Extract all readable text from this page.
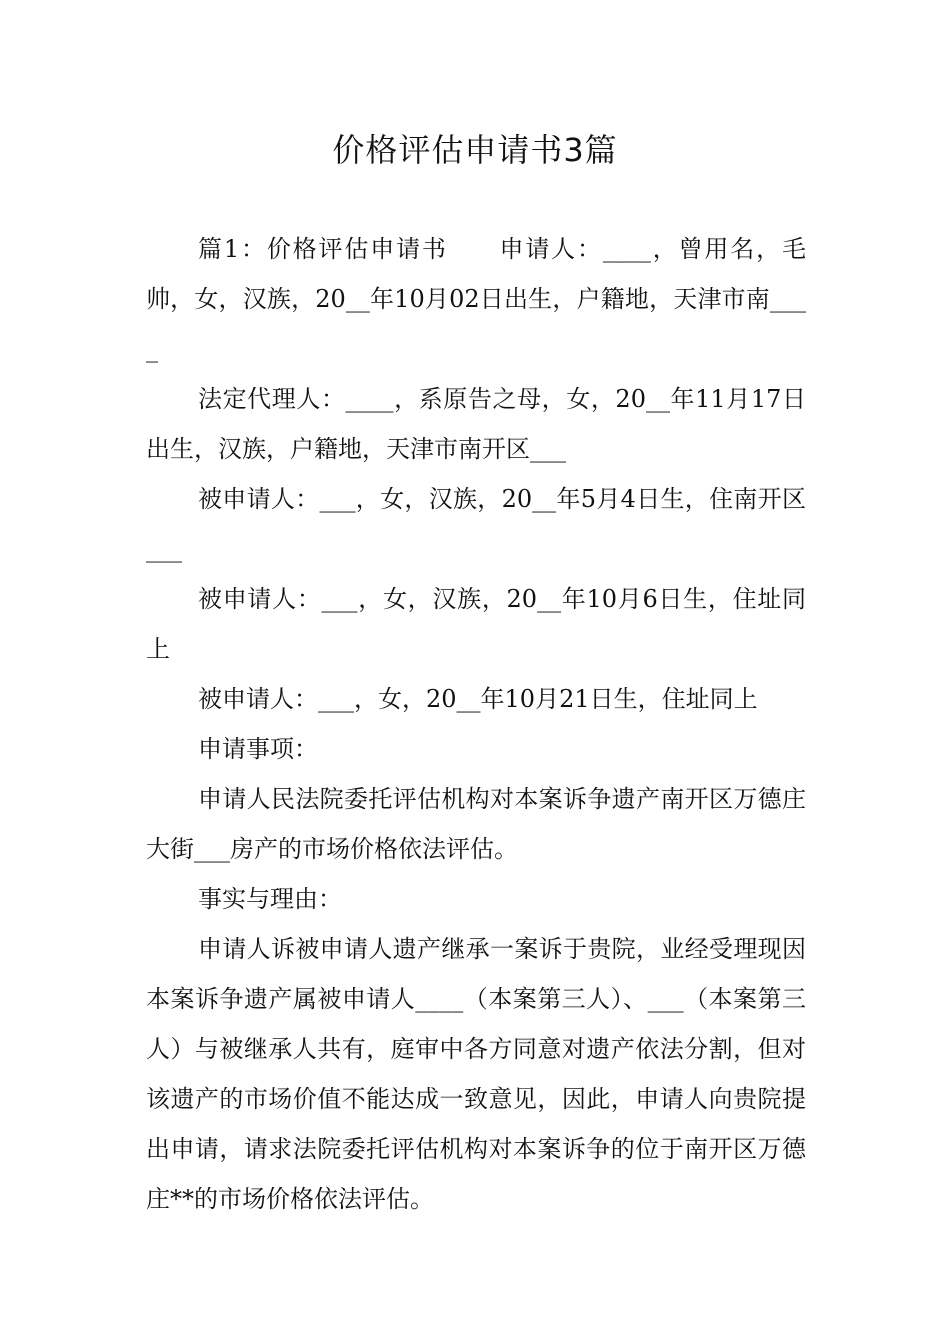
价格评估申请书3篇

篇1：价格评估申请书　　申请人：____，曾用名，毛帅，女，汉族，20__年10月02日出生，户籍地，天津市南____

法定代理人：____，系原告之母，女，20__年11月17日出生，汉族，户籍地，天津市南开区___

被申请人：___，女，汉族，20__年5月4日生，住南开区___

被申请人：___，女，汉族，20__年10月6日生，住址同上

被申请人：___，女，20__年10月21日生，住址同上

申请事项：

申请人民法院委托评估机构对本案诉争遗产南开区万德庄大街___房产的市场价格依法评估。

事实与理由：

申请人诉被申请人遗产继承一案诉于贵院，业经受理现因本案诉争遗产属被申请人____（本案第三人）、___（本案第三人）与被继承人共有，庭审中各方同意对遗产依法分割，但对该遗产的市场价值不能达成一致意见，因此，申请人向贵院提出申请，请求法院委托评估机构对本案诉争的位于南开区万德庄**的市场价格依法评估。
